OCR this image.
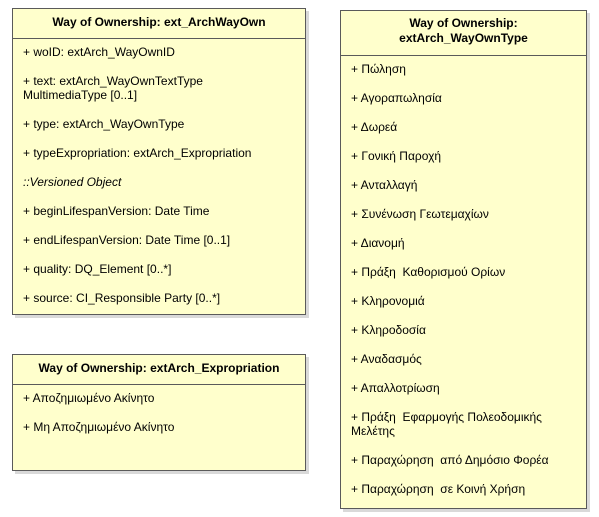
Way of Ownership: ext_ArchWayOwn
+ woID: extArch_WayOwnID
+ text: extArch_WayOwnTextType
MultimediaType [0..1]
+ type: extArch_WayOwnType
+ typeExpropriation: extArch_Expropriation
::Versioned Object
+ beginLifespanVersion: Date Time
+ endLifespanVersion: Date Time [0..1]
+ quality: DQ_Element [0..*]
+ source: CI_Responsible Party [0..*]
Way of Ownership: extArch_Expropriation
+ Αποζημιωμένο Ακίνητο
+ Μη Αποζημιωμένο Ακίνητο
Way of Ownership:
extArch_WayOwnType
+ Πώληση
+ Αγοραπωλησία
+ Δωρεά
+ Γονική Παροχή
+ Ανταλλαγή
+ Συνένωση Γεωτεμαχίων
+ Διανομή
+ Πράξη  Καθορισμού Ορίων
+ Κληρονομιά
+ Κληροδοσία
+ Αναδασμός
+ Απαλλοτρίωση
+ Πράξη  Εφαρμογής Πολεοδομικής
Μελέτης
+ Παραχώρηση  από Δημόσιο Φορέα
+ Παραχώρηση  σε Κοινή Χρήση
